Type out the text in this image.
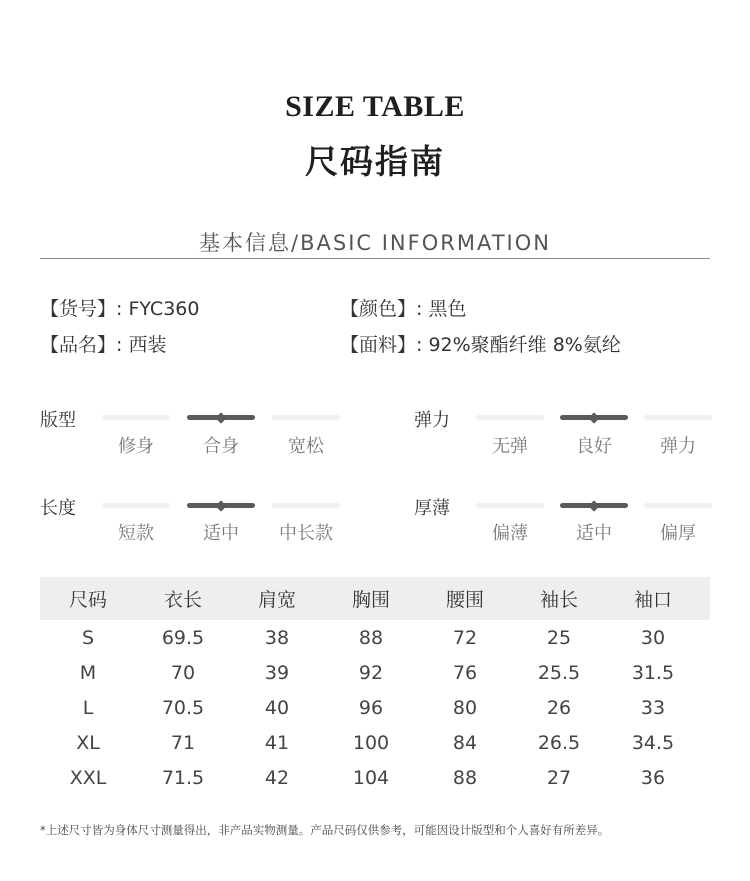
SIZE TABLE
尺码指南
基本信息/BASIC INFORMATION
【货号】: FYC360	【颜色】: 黑色
【品名】: 西装	【面料】: 92%聚酯纤维 8%氨纶
版型
修身	合身	宽松
弹力
无弹	良好	弹力
长度
短款	适中	中长款
厚薄
偏薄	适中	偏厚
尺码	衣长	肩宽	胸围	腰围	袖长	袖口
S	69.5	38	88	72	25	30
M	70	39	92	76	25.5	31.5
L	70.5	40	96	80	26	33
XL	71	41	100	84	26.5	34.5
XXL	71.5	42	104	88	27	36
*上述尺寸皆为身体尺寸测量得出，非产品实物测量。产品尺码仅供参考，可能因设计版型和个人喜好有所差异。
